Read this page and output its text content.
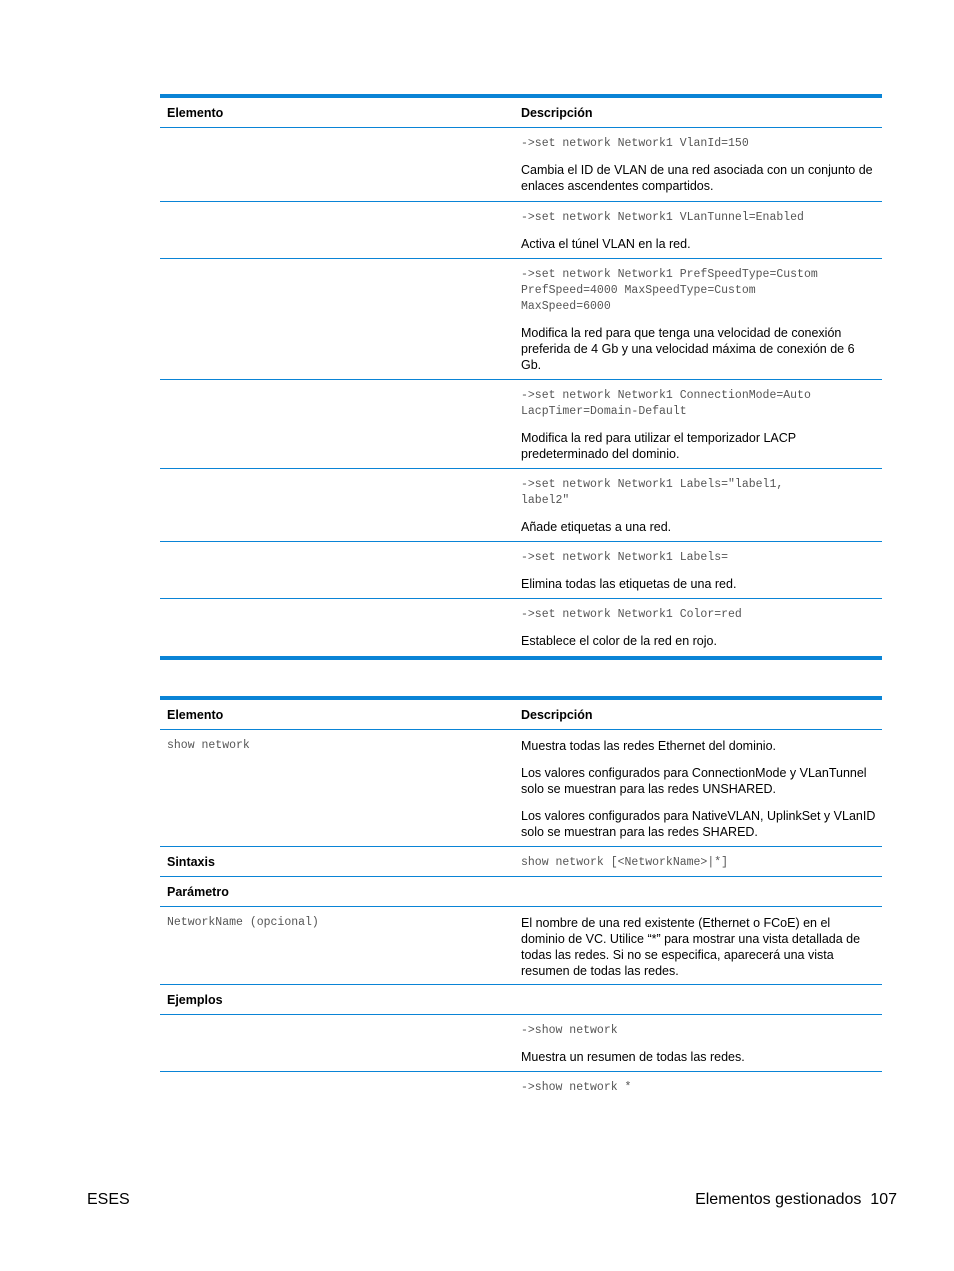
Elemento	Descripción
->set network Network1 VlanId=150
Cambia el ID de VLAN de una red asociada con un conjunto de enlaces ascendentes compartidos.
->set network Network1 VLanTunnel=Enabled
Activa el túnel VLAN en la red.
->set network Network1 PrefSpeedType=Custom
PrefSpeed=4000 MaxSpeedType=Custom
MaxSpeed=6000
Modifica la red para que tenga una velocidad de conexión preferida de 4 Gb y una velocidad máxima de conexión de 6 Gb.
->set network Network1 ConnectionMode=Auto
LacpTimer=Domain-Default
Modifica la red para utilizar el temporizador LACP predeterminado del dominio.
->set network Network1 Labels="label1,
label2"
Añade etiquetas a una red.
->set network Network1 Labels=
Elimina todas las etiquetas de una red.
->set network Network1 Color=red
Establece el color de la red en rojo.
Elemento	Descripción
show network	Muestra todas las redes Ethernet del dominio.
Los valores configurados para ConnectionMode y VLanTunnel solo se muestran para las redes UNSHARED.
Los valores configurados para NativeVLAN, UplinkSet y VLanID solo se muestran para las redes SHARED.
Sintaxis	show network [<NetworkName>|*]
Parámetro
NetworkName (opcional)	El nombre de una red existente (Ethernet o FCoE) en el dominio de VC. Utilice “*” para mostrar una vista detallada de todas las redes. Si no se especifica, aparecerá una vista resumen de todas las redes.
Ejemplos
->show network
Muestra un resumen de todas las redes.
->show network *
ESES	Elementos gestionados 107
